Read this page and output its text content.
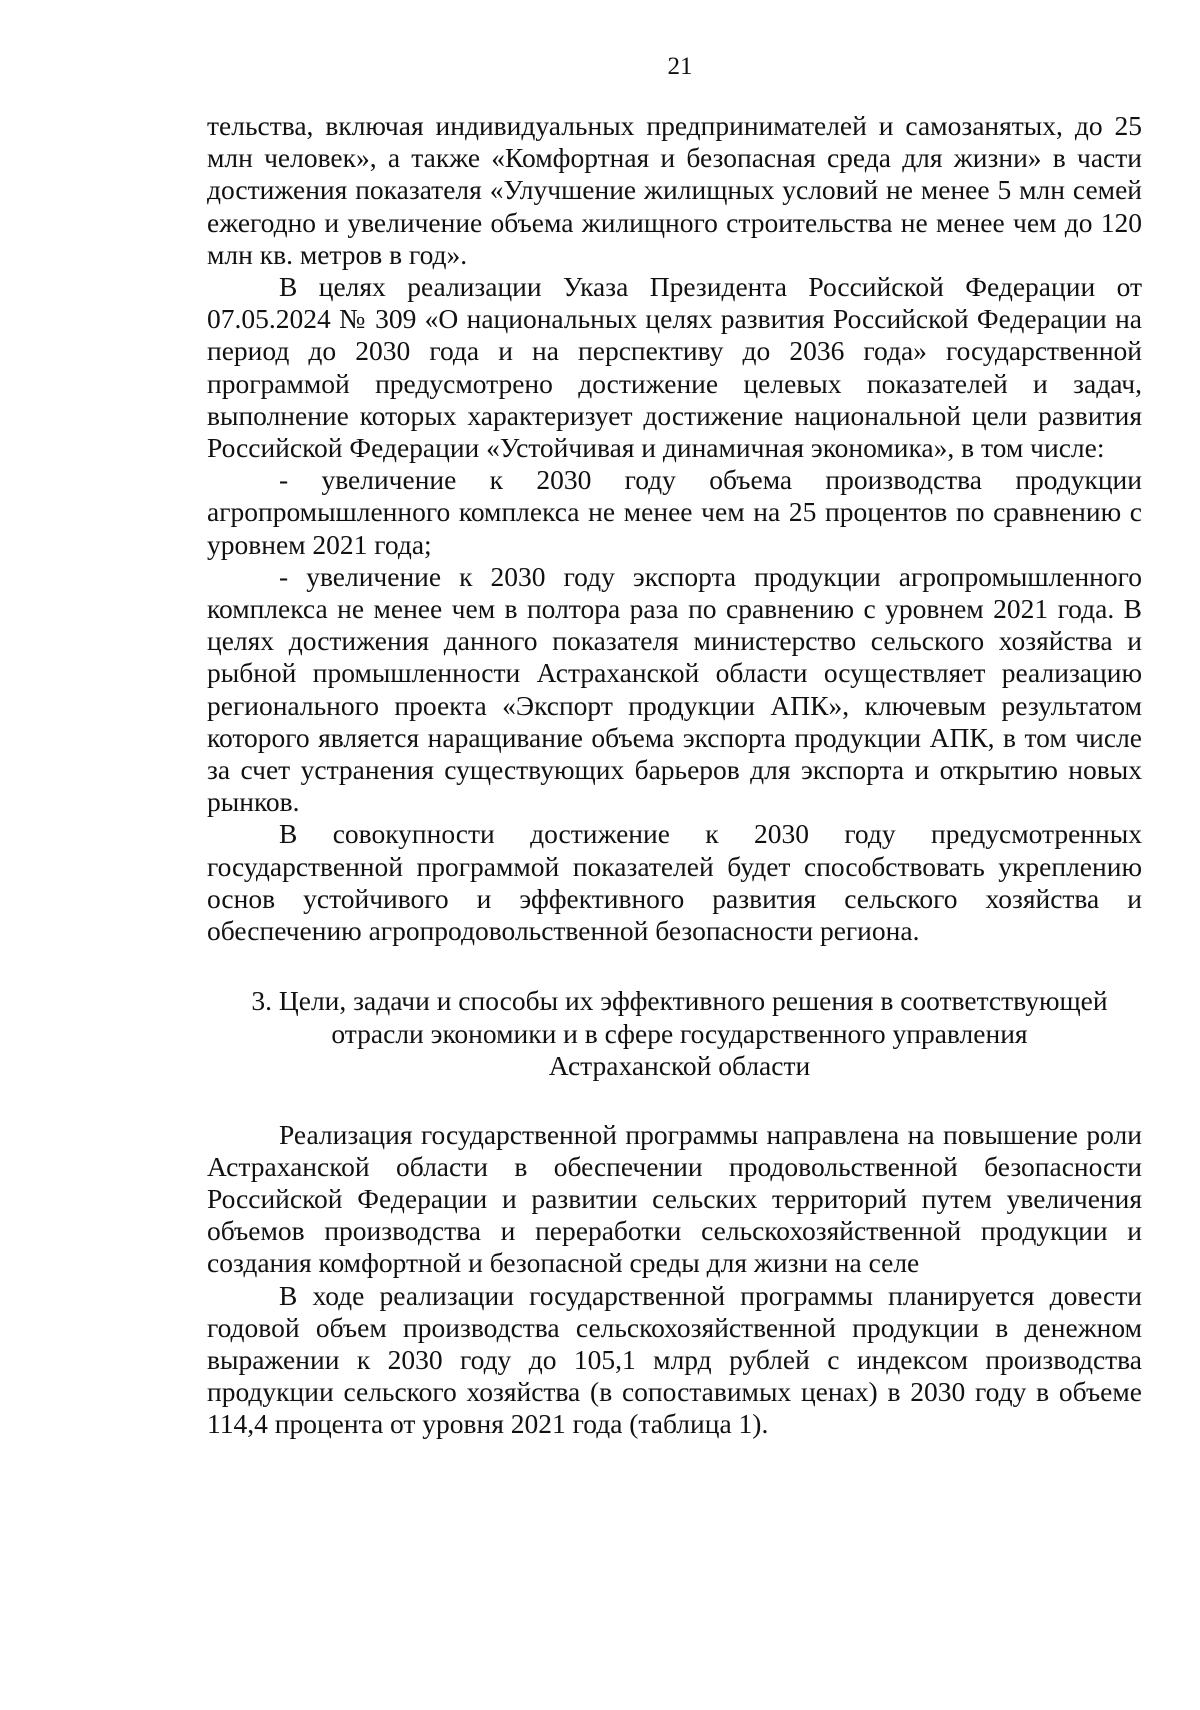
21

тельства, включая индивидуальных предпринимателей и самозанятых, до 25 млн человек», а также «Комфортная и безопасная среда для жизни» в части достижения показателя «Улучшение жилищных условий не менее 5 млн семей ежегодно и увеличение объема жилищного строительства не менее чем до 120 млн кв. метров в год».

В целях реализации Указа Президента Российской Федерации от 07.05.2024 № 309 «О национальных целях развития Российской Федерации на период до 2030 года и на перспективу до 2036 года» государственной программой предусмотрено достижение целевых показателей и задач, выполнение которых характеризует достижение национальной цели развития Российской Федерации «Устойчивая и динамичная экономика», в том числе:

- увеличение к 2030 году объема производства продукции агропромышленного комплекса не менее чем на 25 процентов по сравнению с уровнем 2021 года;

- увеличение к 2030 году экспорта продукции агропромышленного комплекса не менее чем в полтора раза по сравнению с уровнем 2021 года. В целях достижения данного показателя министерство сельского хозяйства и рыбной промышленности Астраханской области осуществляет реализацию регионального проекта «Экспорт продукции АПК», ключевым результатом которого является наращивание объема экспорта продукции АПК, в том числе за счет устранения существующих барьеров для экспорта и открытию новых рынков.

В совокупности достижение к 2030 году предусмотренных государственной программой показателей будет способствовать укреплению основ устойчивого и эффективного развития сельского хозяйства и обеспечению агропродовольственной безопасности региона.

3. Цели, задачи и способы их эффективного решения в соответствующей
отрасли экономики и в сфере государственного управления
Астраханской области

Реализация государственной программы направлена на повышение роли Астраханской области в обеспечении продовольственной безопасности Российской Федерации и развитии сельских территорий путем увеличения объемов производства и переработки сельскохозяйственной продукции и создания комфортной и безопасной среды для жизни на селе

В ходе реализации государственной программы планируется довести годовой объем производства сельскохозяйственной продукции в денежном выражении к 2030 году до 105,1 млрд рублей с индексом производства продукции сельского хозяйства (в сопоставимых ценах) в 2030 году в объеме 114,4 процента от уровня 2021 года (таблица 1).
